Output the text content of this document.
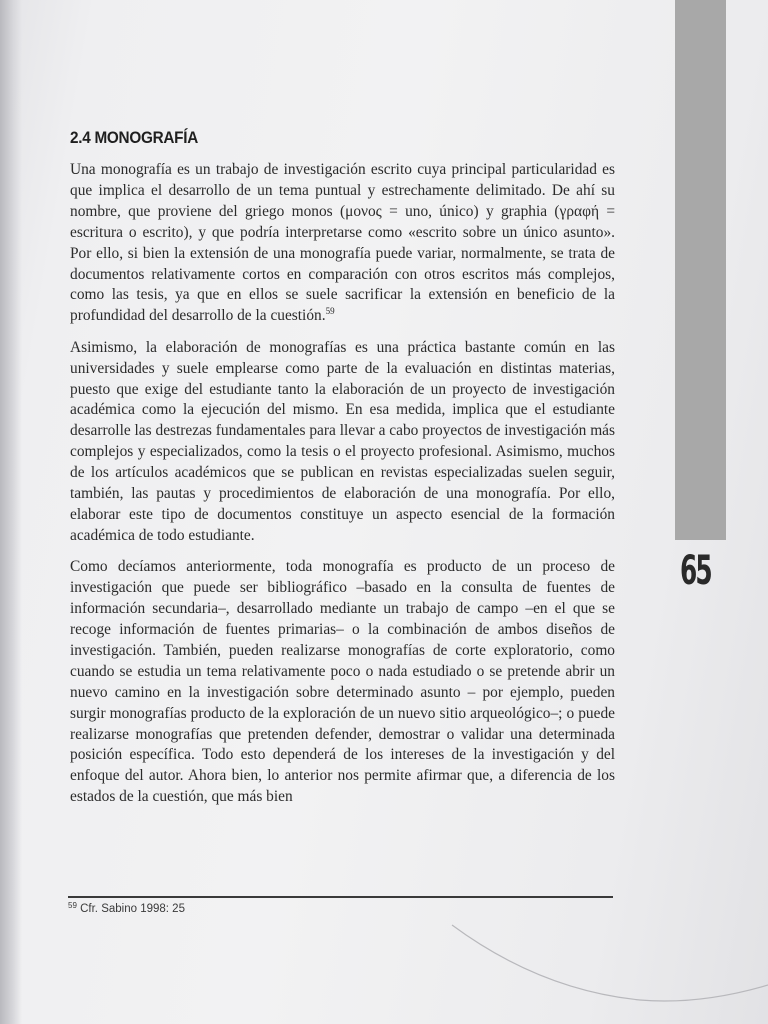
65
2.4 MONOGRAFÍA

Una monografía es un trabajo de investigación escrito cuya principal particularidad es que implica el desarrollo de un tema puntual y estrechamente delimitado. De ahí su nombre, que proviene del griego monos (μονος = uno, único) y graphia (γραφή = escritura o escrito), y que podría interpretarse como «escrito sobre un único asunto». Por ello, si bien la extensión de una monografía puede variar, normalmente, se trata de documentos relativamente cortos en comparación con otros escritos más complejos, como las tesis, ya que en ellos se suele sacrificar la extensión en beneficio de la profundidad del desarrollo de la cuestión.$^{59}$

Asimismo, la elaboración de monografías es una práctica bastante común en las universidades y suele emplearse como parte de la evaluación en distintas materias, puesto que exige del estudiante tanto la elaboración de un proyecto de investigación académica como la ejecución del mismo. En esa medida, implica que el estudiante desarrolle las destrezas fundamentales para llevar a cabo proyectos de investigación más complejos y especializados, como la tesis o el proyecto profesional. Asimismo, muchos de los artículos académicos que se publican en revistas especializadas suelen seguir, también, las pautas y procedimientos de elaboración de una monografía. Por ello, elaborar este tipo de documentos constituye un aspecto esencial de la formación académica de todo estudiante.

Como decíamos anteriormente, toda monografía es producto de un proceso de investigación que puede ser bibliográfico –basado en la consulta de fuentes de información secundaria–, desarrollado mediante un trabajo de campo –en el que se recoge información de fuentes primarias– o la combinación de ambos diseños de investigación. También, pueden realizarse monografías de corte exploratorio, como cuando se estudia un tema relativamente poco o nada estudiado o se pretende abrir un nuevo camino en la investigación sobre determinado asunto – por ejemplo, pueden surgir monografías producto de la exploración de un nuevo sitio arqueológico–; o puede realizarse monografías que pretenden defender, demostrar o validar una determinada posición específica. Todo esto dependerá de los intereses de la investigación y del enfoque del autor. Ahora bien, lo anterior nos permite afirmar que, a diferencia de los estados de la cuestión, que más bien

$^{59}$ Cfr. Sabino 1998: 25
